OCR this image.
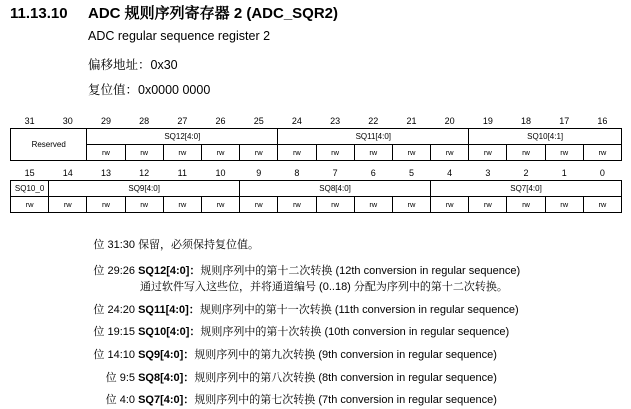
11.13.10 ADC 规则序列寄存器 2 (ADC_SQR2)
ADC regular sequence register 2
偏移地址：0x30
复位值：0x0000 0000
31	30	29	28	27	26	25	24	23	22	21	20	19	18	17	16
Reserved		SQ12[4:0]					SQ11[4:0]					SQ10[4:1]			
		rw	rw	rw	rw	rw	rw	rw	rw	rw	rw	rw	rw	rw	rw
15	14	13	12	11	10	9	8	7	6	5	4	3	2	1	0
SQ10_0	SQ9[4:0]					SQ8[4:0]					SQ7[4:0]				
rw	rw	rw	rw	rw	rw	rw	rw	rw	rw	rw	rw	rw	rw	rw	rw
位 31:30 保留，必须保持复位值。
位 29:26 SQ12[4:0]：规则序列中的第十二次转换 (12th conversion in regular sequence)
通过软件写入这些位，并将通道编号 (0..18) 分配为序列中的第十二次转换。
位 24:20 SQ11[4:0]：规则序列中的第十一次转换 (11th conversion in regular sequence)
位 19:15 SQ10[4:0]：规则序列中的第十次转换 (10th conversion in regular sequence)
位 14:10 SQ9[4:0]：规则序列中的第九次转换 (9th conversion in regular sequence)
位 9:5 SQ8[4:0]：规则序列中的第八次转换 (8th conversion in regular sequence)
位 4:0 SQ7[4:0]：规则序列中的第七次转换 (7th conversion in regular sequence)
